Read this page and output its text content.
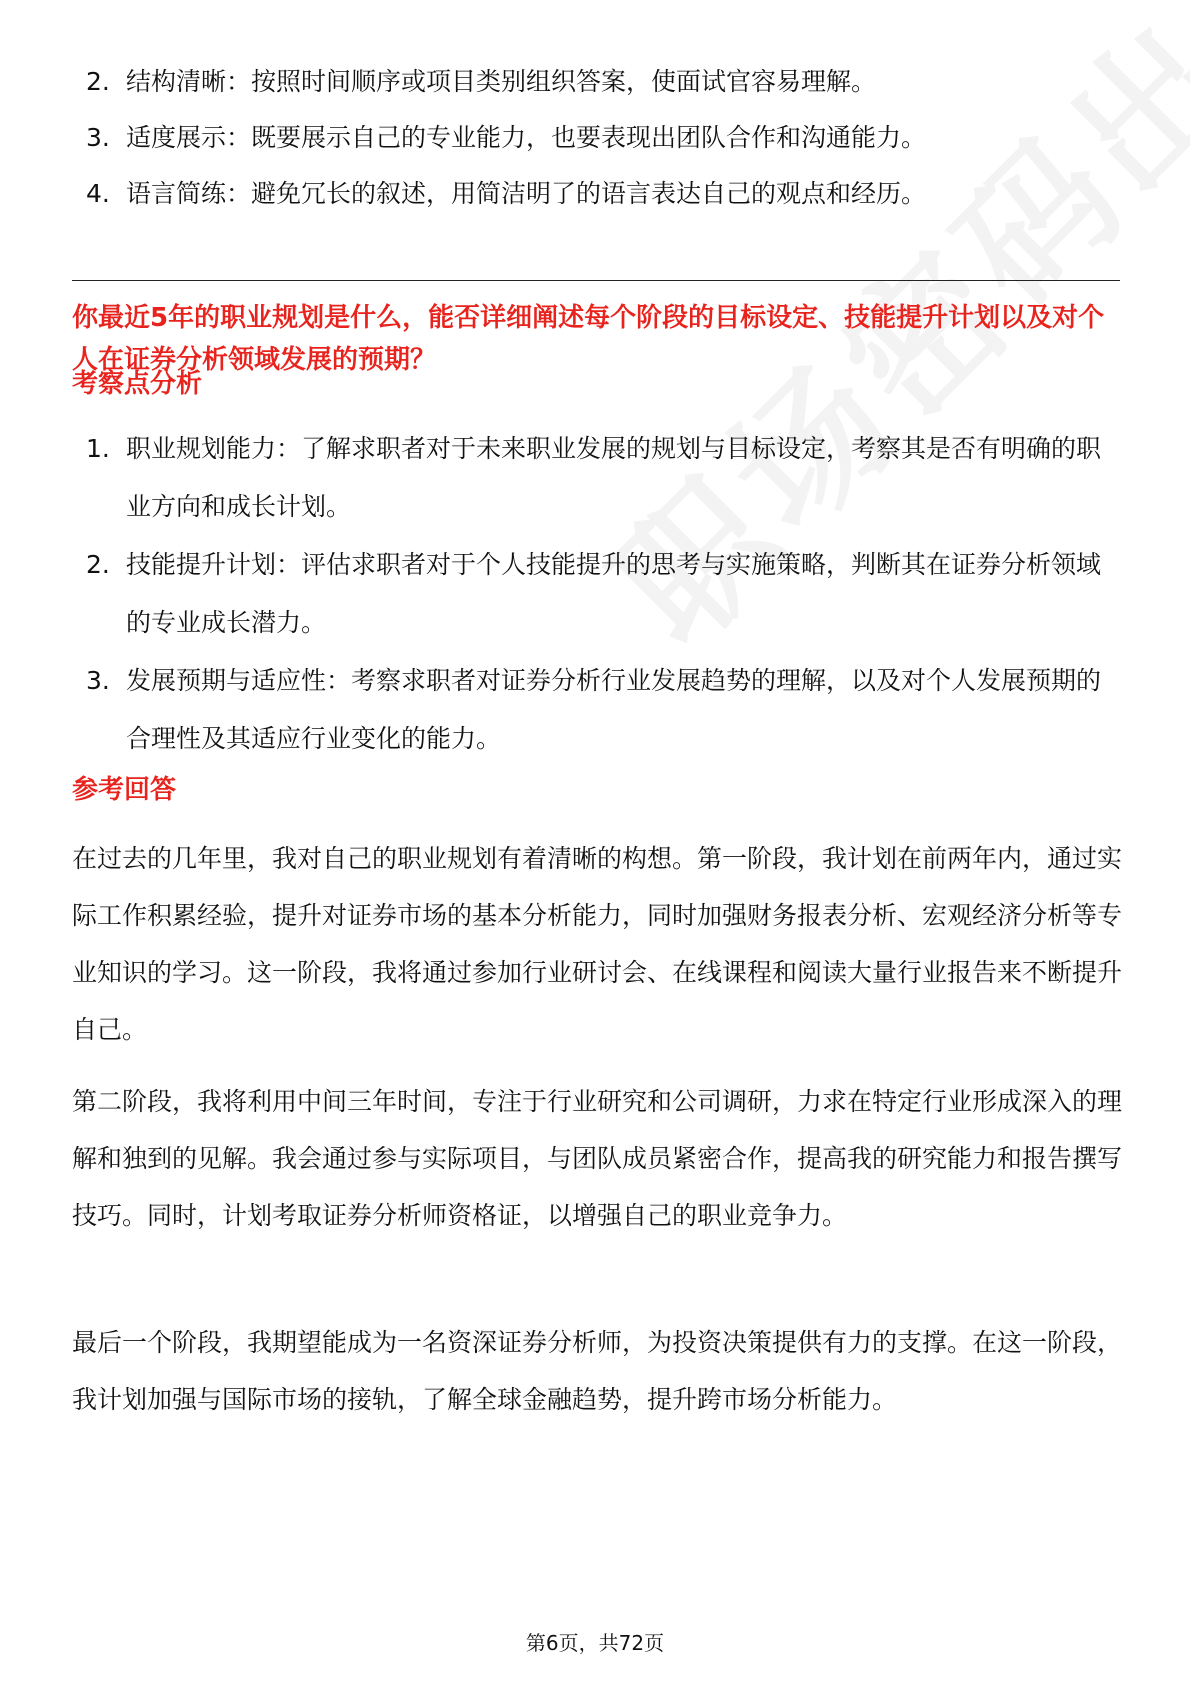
2. 结构清晰：按照时间顺序或项目类别组织答案，使面试官容易理解。
3. 适度展示：既要展示自己的专业能力，也要表现出团队合作和沟通能力。
4. 语言简练：避免冗长的叙述，用简洁明了的语言表达自己的观点和经历。
你最近5年的职业规划是什么，能否详细阐述每个阶段的目标设定、技能提升计划以及对个人在证券分析领域发展的预期？
考察点分析
1. 职业规划能力：了解求职者对于未来职业发展的规划与目标设定，考察其是否有明确的职业方向和成长计划。
2. 技能提升计划：评估求职者对于个人技能提升的思考与实施策略，判断其在证券分析领域的专业成长潜力。
3. 发展预期与适应性：考察求职者对证券分析行业发展趋势的理解，以及对个人发展预期的合理性及其适应行业变化的能力。
参考回答

在过去的几年里，我对自己的职业规划有着清晰的构想。第一阶段，我计划在前两年内，通过实际工作积累经验，提升对证券市场的基本分析能力，同时加强财务报表分析、宏观经济分析等专业知识的学习。这一阶段，我将通过参加行业研讨会、在线课程和阅读大量行业报告来不断提升自己。

第二阶段，我将利用中间三年时间，专注于行业研究和公司调研，力求在特定行业形成深入的理解和独到的见解。我会通过参与实际项目，与团队成员紧密合作，提高我的研究能力和报告撰写技巧。同时，计划考取证券分析师资格证，以增强自己的职业竞争力。

最后一个阶段，我期望能成为一名资深证券分析师，为投资决策提供有力的支撑。在这一阶段，我计划加强与国际市场的接轨，了解全球金融趋势，提升跨市场分析能力。

第6页，共72页
